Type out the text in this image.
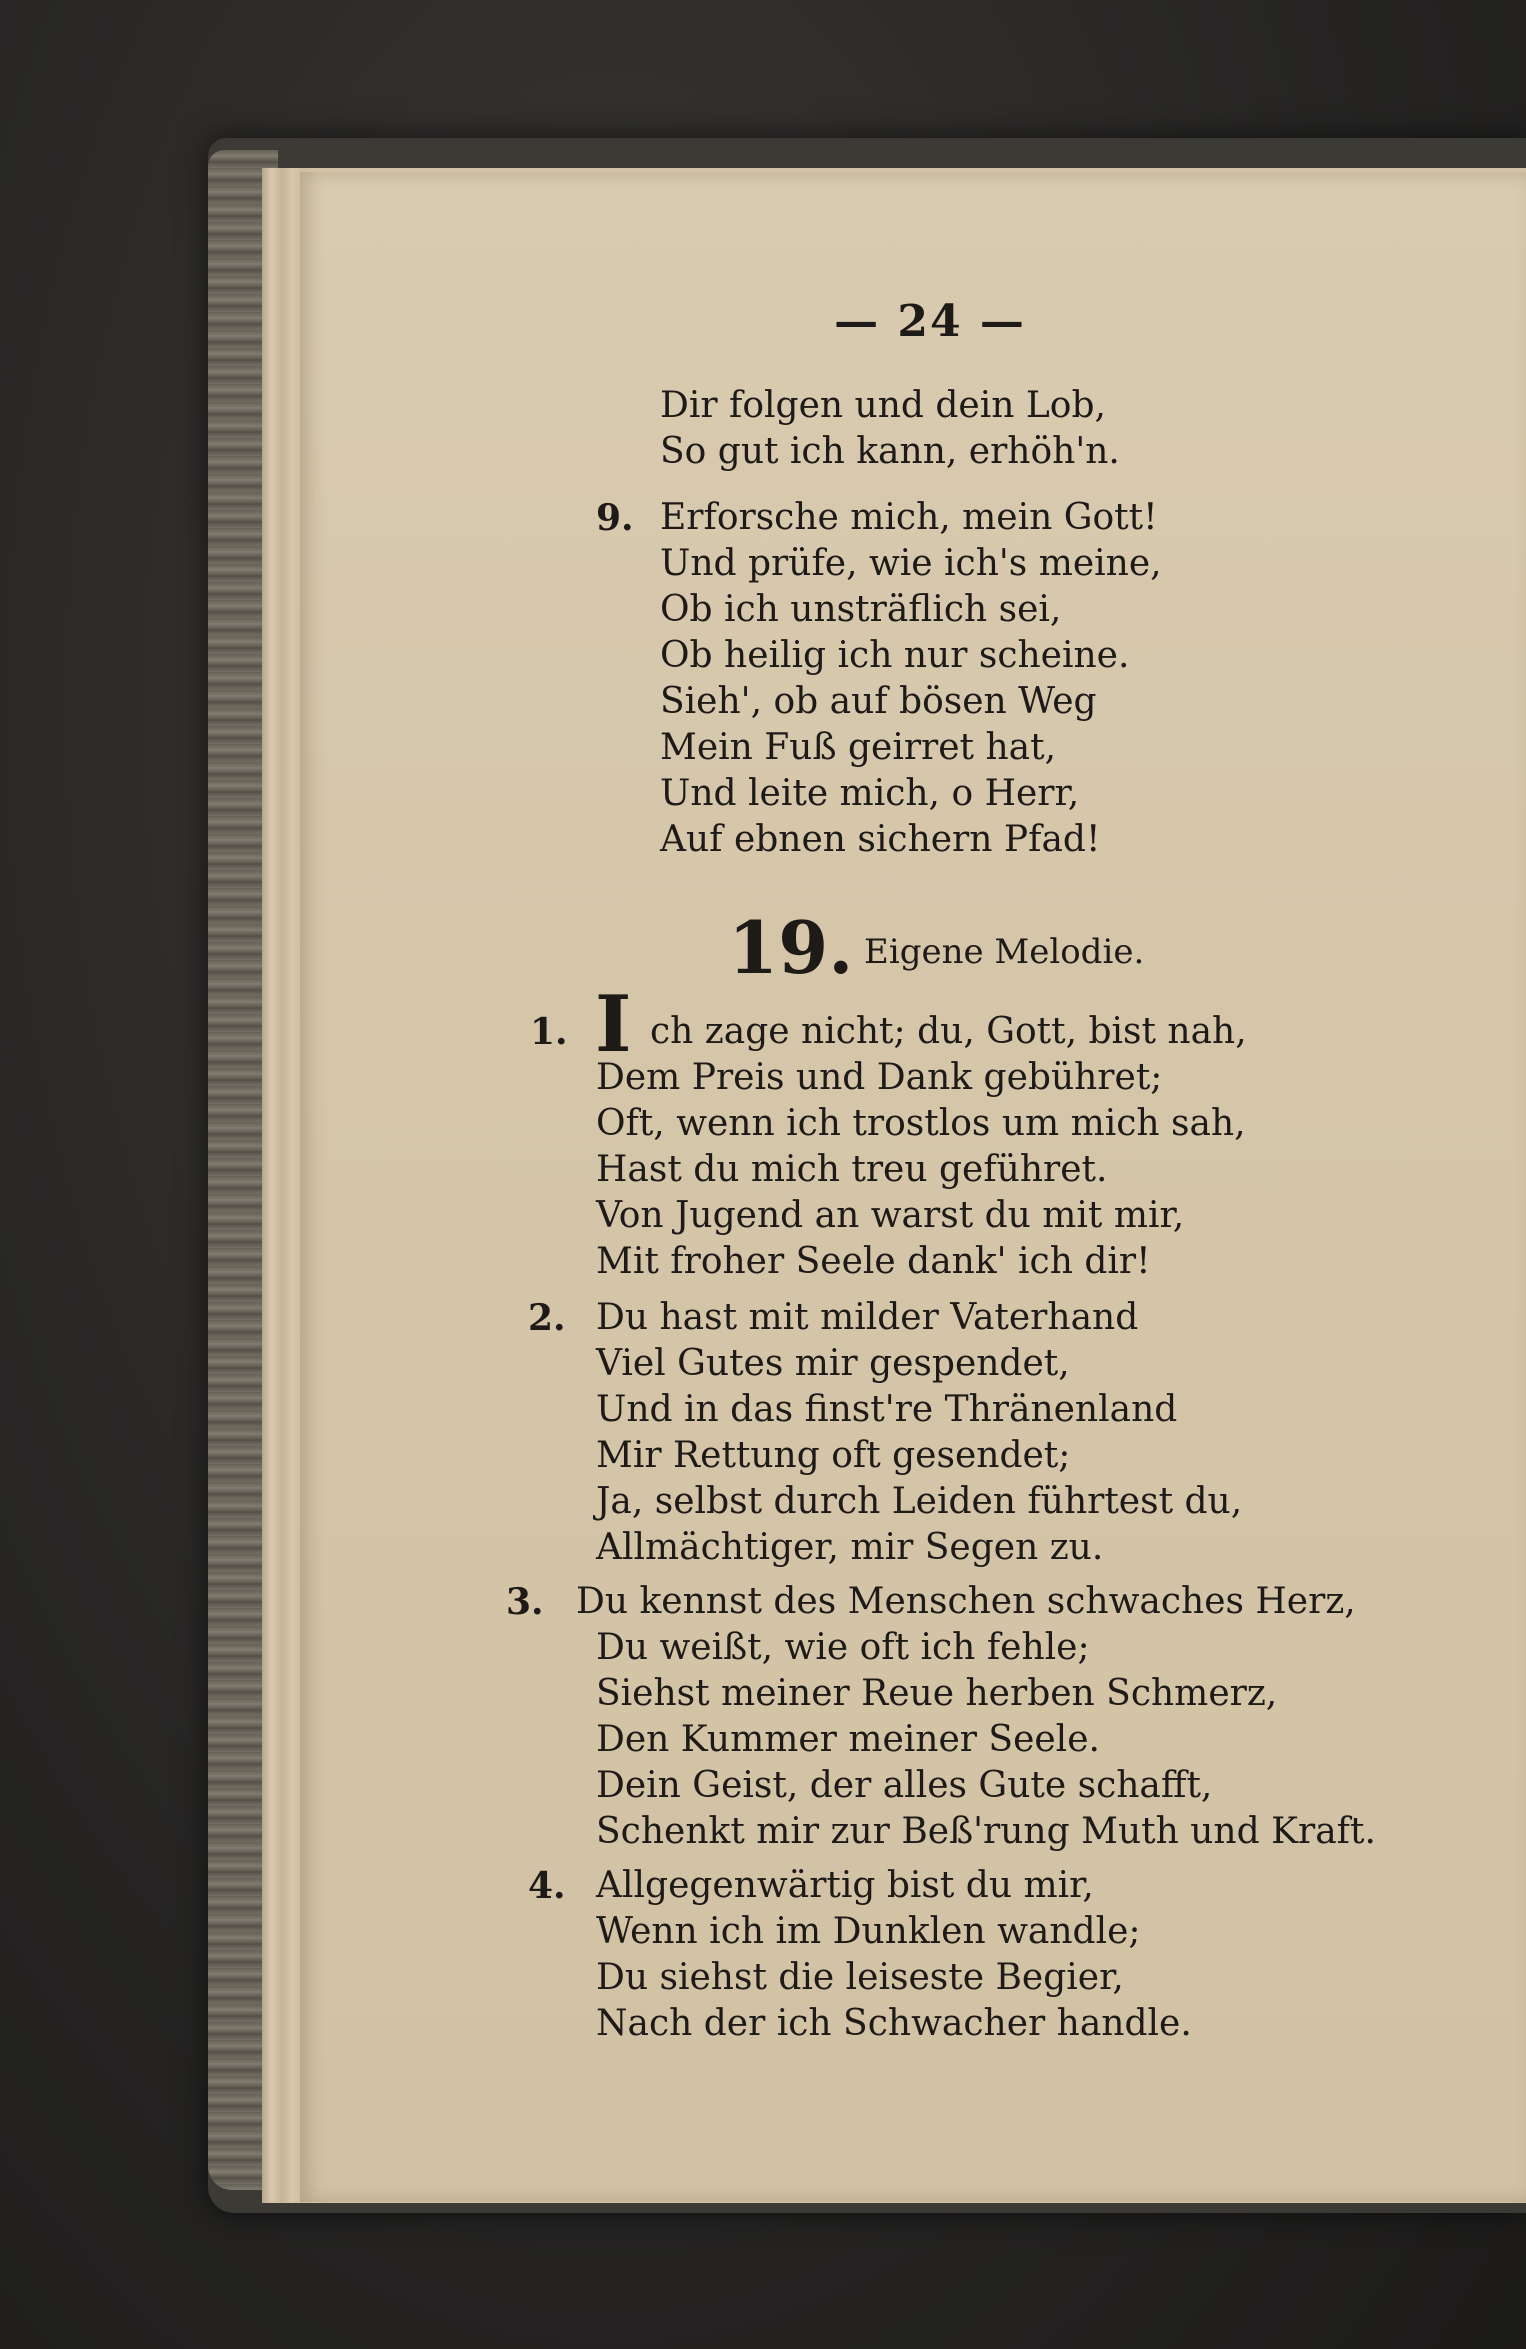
— 24 —
Dir folgen und dein Lob,
So gut ich kann, erhöh'n.
9. Erforsche mich, mein Gott!
Und prüfe, wie ich's meine,
Ob ich unsträflich sei,
Ob heilig ich nur scheine.
Sieh', ob auf bösen Weg
Mein Fuß geirret hat,
Und leite mich, o Herr,
Auf ebnen sichern Pfad!
19. Eigene Melodie.
1. I ch zage nicht; du, Gott, bist nah,
Dem Preis und Dank gebühret;
Oft, wenn ich trostlos um mich sah,
Hast du mich treu geführet.
Von Jugend an warst du mit mir,
Mit froher Seele dank' ich dir!
2. Du hast mit milder Vaterhand
Viel Gutes mir gespendet,
Und in das finst're Thränenland
Mir Rettung oft gesendet;
Ja, selbst durch Leiden führtest du,
Allmächtiger, mir Segen zu.
3. Du kennst des Menschen schwaches Herz,
Du weißt, wie oft ich fehle;
Siehst meiner Reue herben Schmerz,
Den Kummer meiner Seele.
Dein Geist, der alles Gute schafft,
Schenkt mir zur Beß'rung Muth und Kraft.
4. Allgegenwärtig bist du mir,
Wenn ich im Dunklen wandle;
Du siehst die leiseste Begier,
Nach der ich Schwacher handle.
